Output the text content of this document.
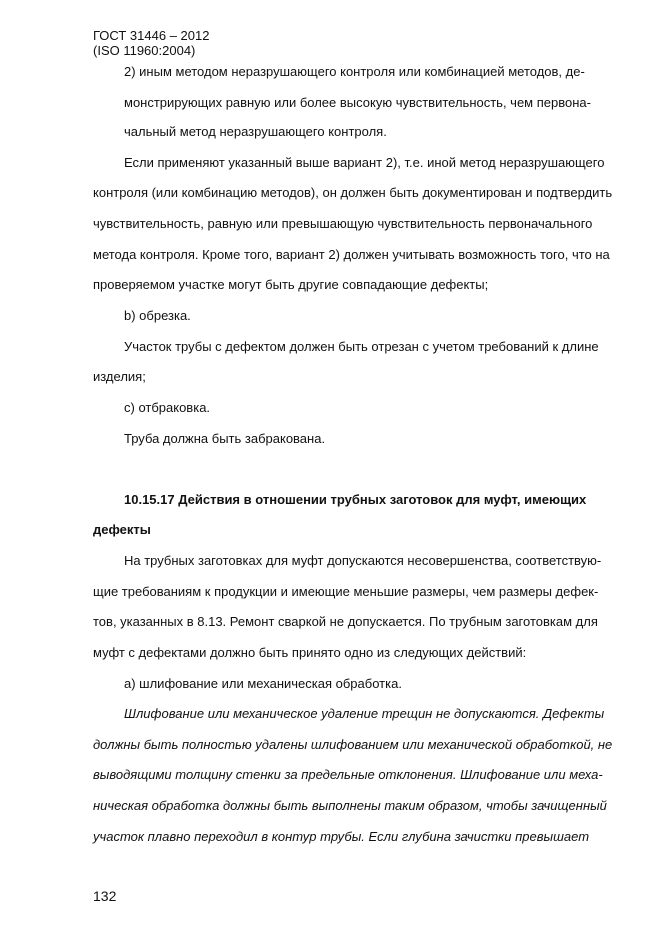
ГОСТ 31446 – 2012
(ISO 11960:2004)
2) иным методом неразрушающего контроля или комбинацией методов, де-
монстрирующих равную или более высокую чувствительность, чем первона-
чальный метод неразрушающего контроля.
Если применяют указанный выше вариант 2), т.е. иной метод неразрушающего
контроля (или комбинацию методов), он должен быть документирован и подтвердить
чувствительность, равную или превышающую чувствительность первоначального
метода контроля. Кроме того, вариант 2) должен учитывать возможность того, что на
проверяемом участке могут быть другие совпадающие дефекты;
b) обрезка.
Участок трубы с дефектом должен быть отрезан с учетом требований к длине
изделия;
c) отбраковка.
Труба должна быть забракована.
10.15.17 Действия в отношении трубных заготовок для муфт, имеющих
дефекты
На трубных заготовках для муфт допускаются несовершенства, соответствую-
щие требованиям к продукции и имеющие меньшие размеры, чем размеры дефек-
тов, указанных в 8.13. Ремонт сваркой не допускается. По трубным заготовкам для
муфт с дефектами должно быть принято одно из следующих действий:
a) шлифование или механическая обработка.
Шлифование или механическое удаление трещин не допускаются. Дефекты
должны быть полностью удалены шлифованием или механической обработкой, не
выводящими толщину стенки за предельные отклонения. Шлифование или меха-
ническая обработка должны быть выполнены таким образом, чтобы зачищенный
участок плавно переходил в контур трубы. Если глубина зачистки превышает
132
